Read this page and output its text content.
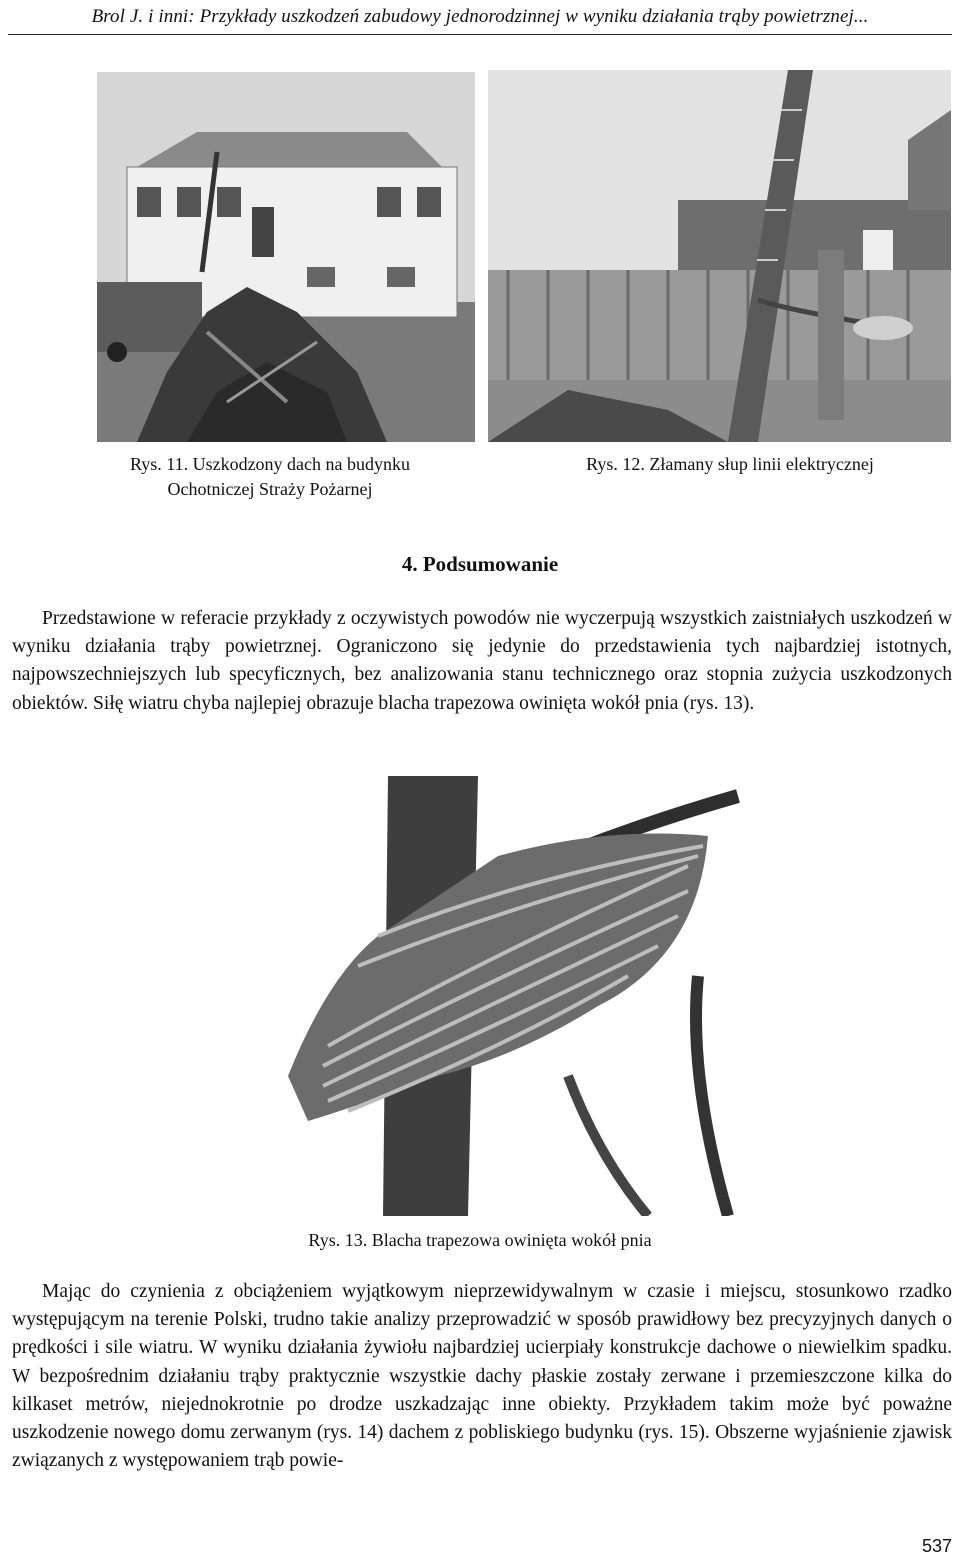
Brol J. i inni: Przykłady uszkodzeń zabudowy jednorodzinnej w wyniku działania trąby powietrznej...
Rys. 11. Uszkodzony dach na budynku
Ochotniczej Straży Pożarnej
Rys. 12. Złamany słup linii elektrycznej
4. Podsumowanie

Przedstawione w referacie przykłady z oczywistych powodów nie wyczerpują wszystkich zaistniałych uszkodzeń w wyniku działania trąby powietrznej. Ograniczono się jedynie do przedstawienia tych najbardziej istotnych, najpowszechniejszych lub specyficznych, bez analizowania stanu technicznego oraz stopnia zużycia uszkodzonych obiektów. Siłę wiatru chyba najlepiej obrazuje blacha trapezowa owinięta wokół pnia (rys. 13).

Rys. 13. Blacha trapezowa owinięta wokół pnia

Mając do czynienia z obciążeniem wyjątkowym nieprzewidywalnym w czasie i miejscu, stosunkowo rzadko występującym na terenie Polski, trudno takie analizy przeprowadzić w sposób prawidłowy bez precyzyjnych danych o prędkości i sile wiatru. W wyniku działania żywiołu najbardziej ucierpiały konstrukcje dachowe o niewielkim spadku. W bezpośrednim działaniu trąby praktycznie wszystkie dachy płaskie zostały zerwane i przemieszczone kilka do kilkaset metrów, niejednokrotnie po drodze uszkadzając inne obiekty. Przykładem takim może być poważne uszkodzenie nowego domu zerwanym (rys. 14) dachem z pobliskiego budynku (rys. 15). Obszerne wyjaśnienie zjawisk związanych z występowaniem trąb powie-

537
